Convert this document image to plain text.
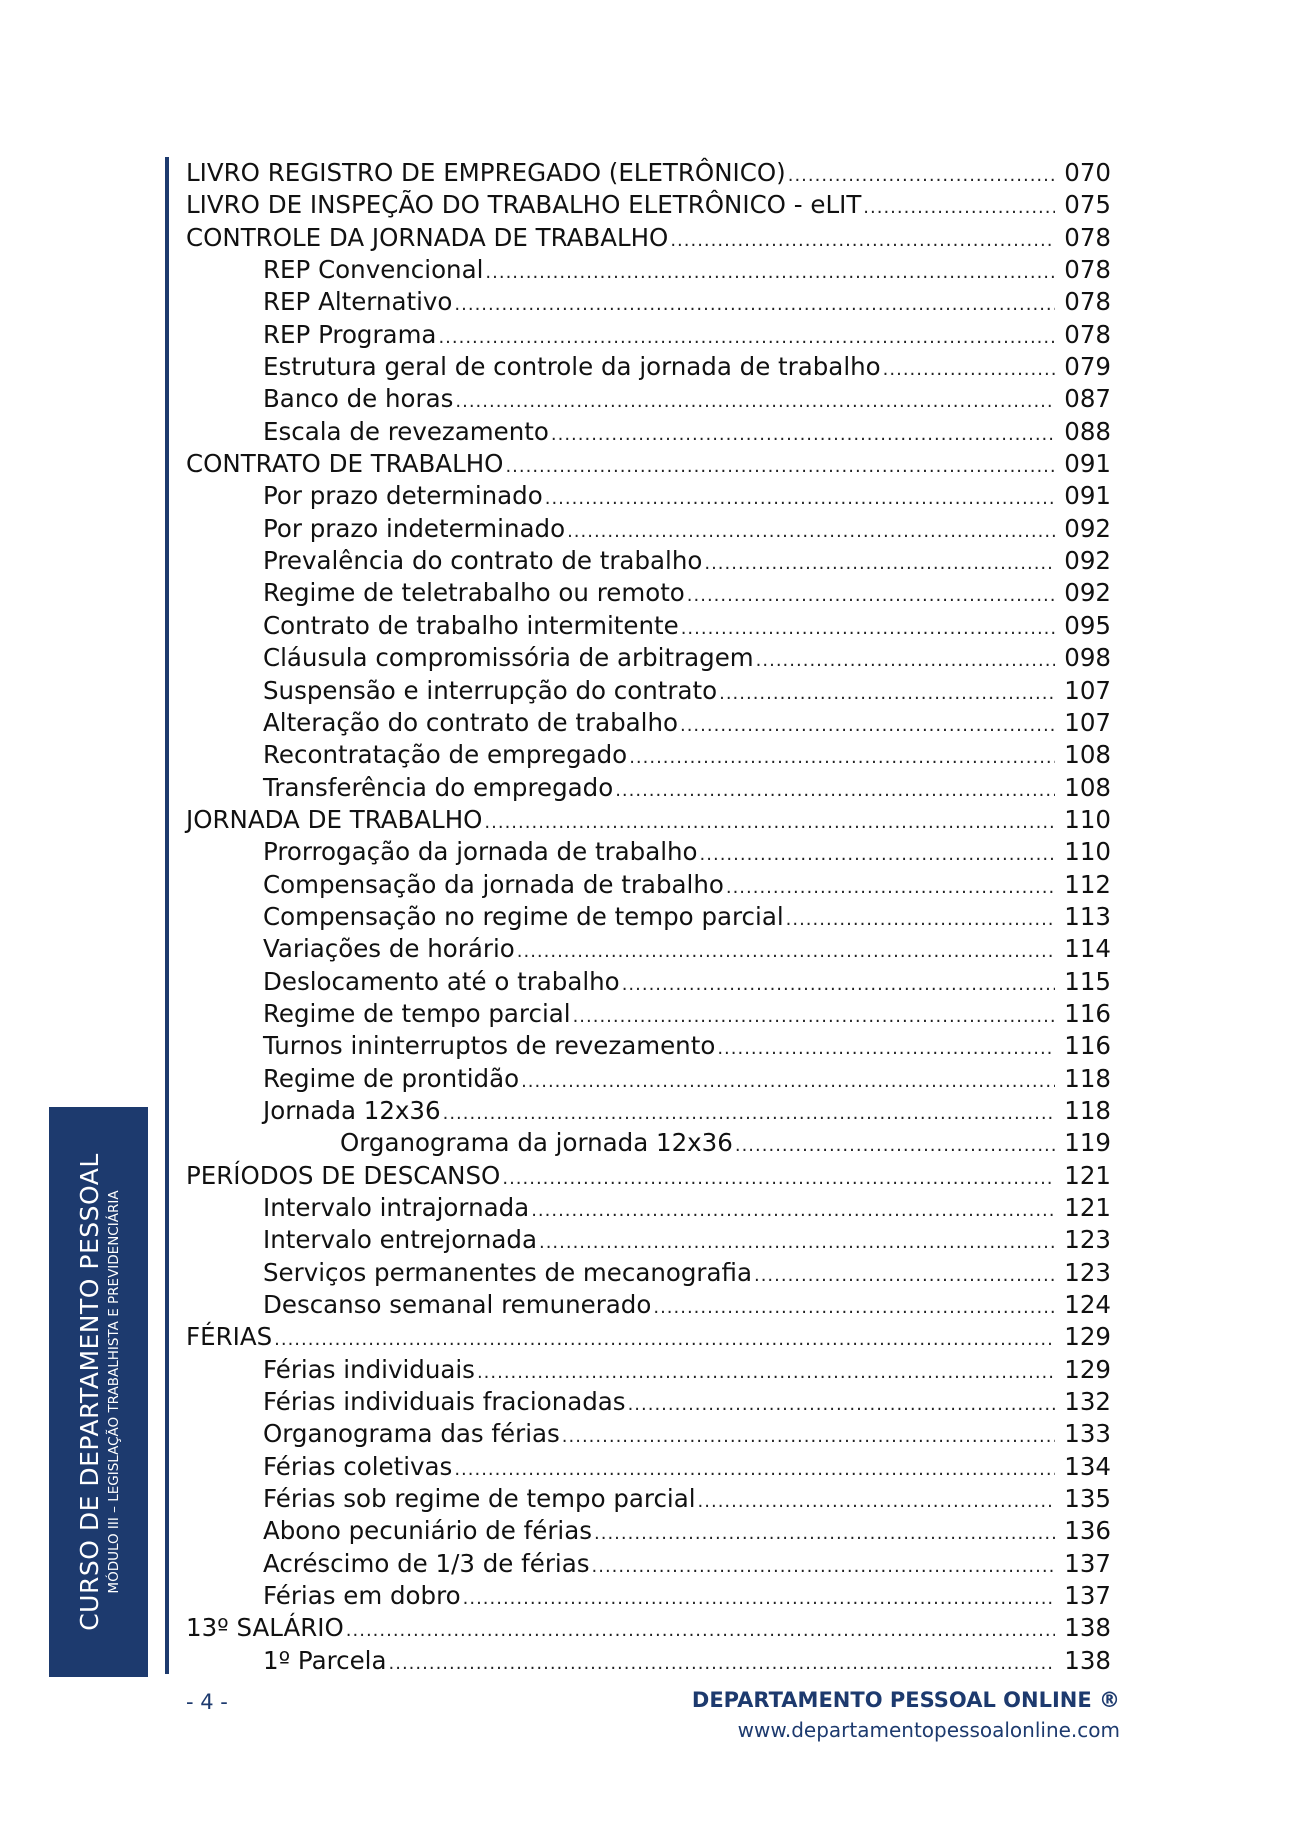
CURSO DE DEPARTAMENTO PESSOAL MÓDULO III – LEGISLAÇÃO TRABALHISTA E PREVIDENCIÁRIA
LIVRO REGISTRO DE EMPREGADO (ELETRÔNICO) .....	070
LIVRO DE INSPEÇÃO DO TRABALHO ELETRÔNICO - eLIT .....	075
CONTROLE DA JORNADA DE TRABALHO .....	078
REP Convencional .....	078
REP Alternativo .....	078
REP Programa .....	078
Estrutura geral de controle da jornada de trabalho .....	079
Banco de horas .....	087
Escala de revezamento .....	088
CONTRATO DE TRABALHO .....	091
Por prazo determinado .....	091
Por prazo indeterminado .....	092
Prevalência do contrato de trabalho .....	092
Regime de teletrabalho ou remoto .....	092
Contrato de trabalho intermitente .....	095
Cláusula compromissória de arbitragem .....	098
Suspensão e interrupção do contrato .....	107
Alteração do contrato de trabalho .....	107
Recontratação de empregado .....	108
Transferência do empregado .....	108
JORNADA DE TRABALHO .....	110
Prorrogação da jornada de trabalho .....	110
Compensação da jornada de trabalho .....	112
Compensação no regime de tempo parcial .....	113
Variações de horário .....	114
Deslocamento até o trabalho .....	115
Regime de tempo parcial .....	116
Turnos ininterruptos de revezamento .....	116
Regime de prontidão .....	118
Jornada 12x36 .....	118
Organograma da jornada 12x36 .....	119
PERÍODOS DE DESCANSO .....	121
Intervalo intrajornada .....	121
Intervalo entrejornada .....	123
Serviços permanentes de mecanografia .....	123
Descanso semanal remunerado .....	124
FÉRIAS .....	129
Férias individuais .....	129
Férias individuais fracionadas .....	132
Organograma das férias .....	133
Férias coletivas .....	134
Férias sob regime de tempo parcial .....	135
Abono pecuniário de férias .....	136
Acréscimo de 1/3 de férias .....	137
Férias em dobro .....	137
13º SALÁRIO .....	138
1º Parcela .....	138
- 4 -	DEPARTAMENTO PESSOAL ONLINE ®
www.departamentopessoalonline.com
